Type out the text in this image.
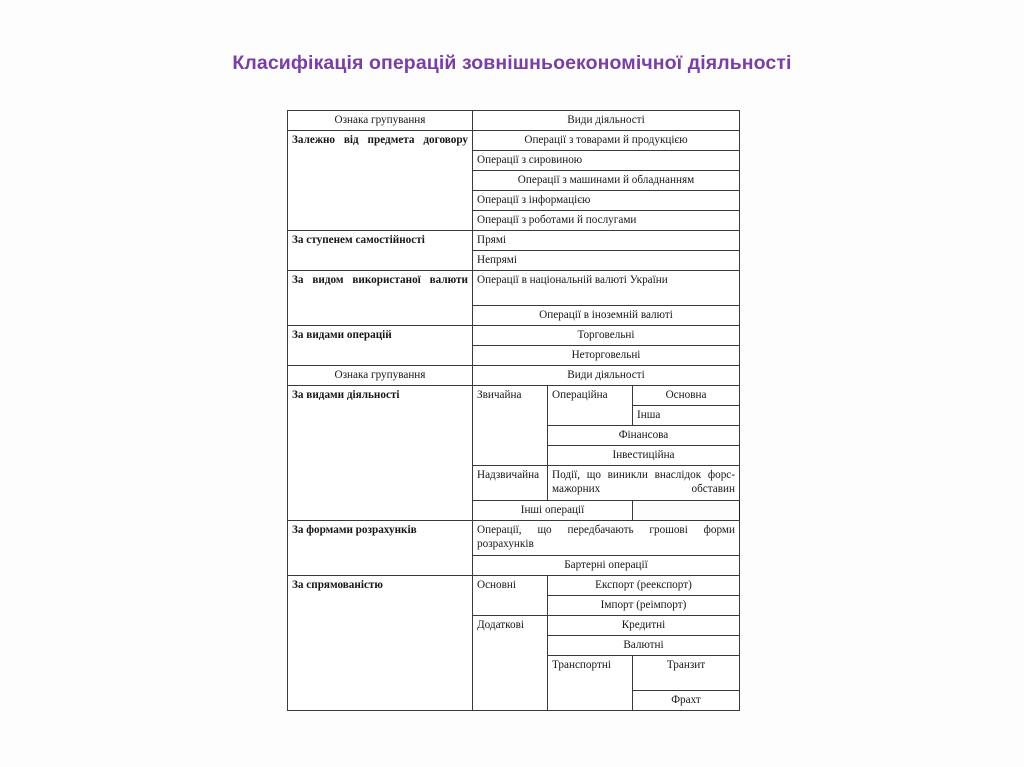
Класифікація операцій зовнішньоекономічної діяльності
Ознака групування	Види діяльності		
Залежно від предмета договору	Операції з товарами й продукцією		
	Операції з сировиною		
	Операції з машинами й обладнанням		
	Операції з інформацією		
	Операції з роботами й послугами		
За ступенем самостійності	Прямі		
	Непрямі		
За видом використаної валюти	Операції в національній валюті України		
	Операції в іноземній валюті		
За видами операцій	Торговельні		
	Неторговельні		
Ознака групування	Види діяльності		
За видами діяльності	Звичайна	Операційна	Основна
			Інша
		Фінансова	
		Інвестиційна	
	Надзвичайна	Події, що виникли внаслідок форс-мажорних обставин	
	Інші операції		
За формами розрахунків	Операції, що передбачають грошові форми розрахунків		
	Бартерні операції		
За спрямованістю	Основні	Експорт (реекспорт)	
		Імпорт (реімпорт)	
	Додаткові	Кредитні	
		Валютні	
		Транспортні	Транзит
			Фрахт
